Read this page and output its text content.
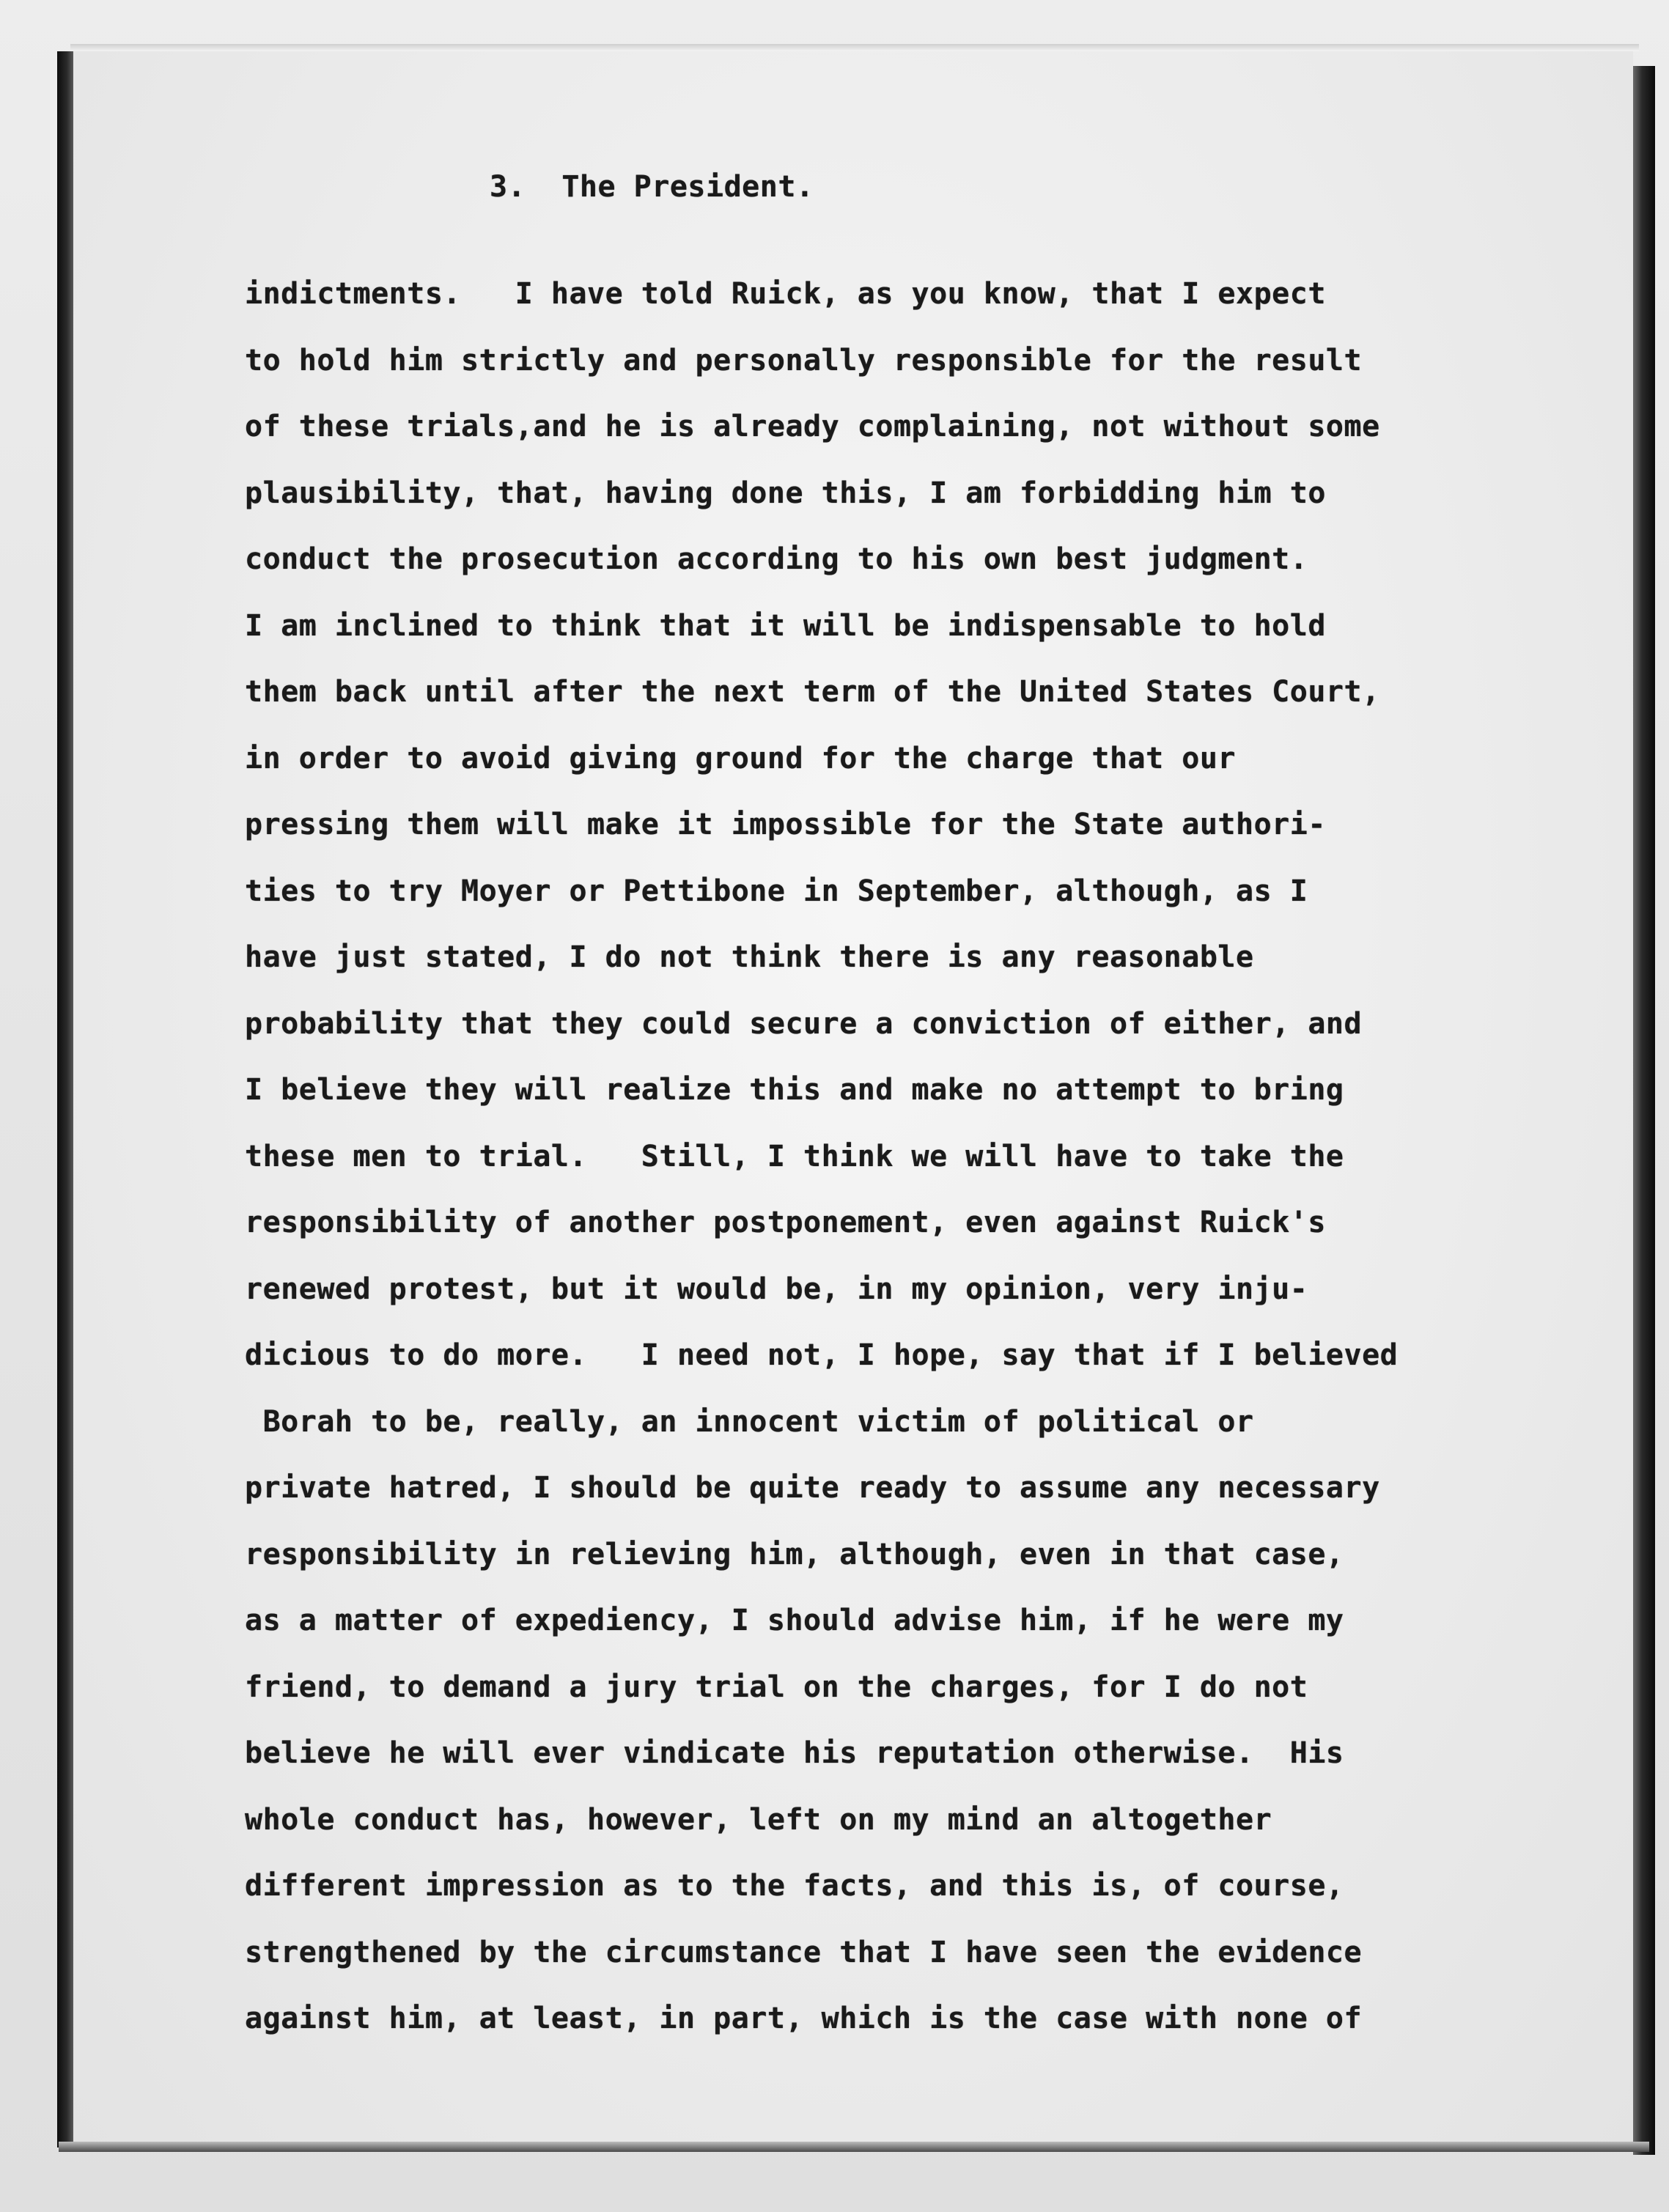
3.  The President.

indictments.   I have told Ruick, as you know, that I expect
to hold him strictly and personally responsible for the result
of these trials,and he is already complaining, not without some
plausibility, that, having done this, I am forbidding him to
conduct the prosecution according to his own best judgment.
I am inclined to think that it will be indispensable to hold
them back until after the next term of the United States Court,
in order to avoid giving ground for the charge that our
pressing them will make it impossible for the State authori-
ties to try Moyer or Pettibone in September, although, as I
have just stated, I do not think there is any reasonable
probability that they could secure a conviction of either, and
I believe they will realize this and make no attempt to bring
these men to trial.   Still, I think we will have to take the
responsibility of another postponement, even against Ruick's
renewed protest, but it would be, in my opinion, very inju-
dicious to do more.   I need not, I hope, say that if I believed
Borah to be, really, an innocent victim of political or
private hatred, I should be quite ready to assume any necessary
responsibility in relieving him, although, even in that case,
as a matter of expediency, I should advise him, if he were my
friend, to demand a jury trial on the charges, for I do not
believe he will ever vindicate his reputation otherwise.  His
whole conduct has, however, left on my mind an altogether
different impression as to the facts, and this is, of course,
strengthened by the circumstance that I have seen the evidence
against him, at least, in part, which is the case with none of
